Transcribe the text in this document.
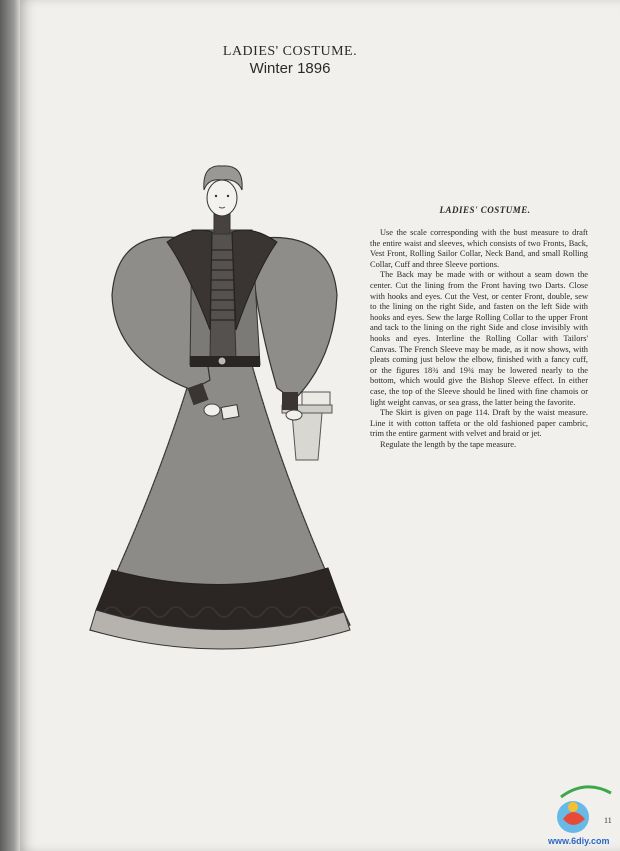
LADIES' COSTUME.
Winter 1896
LADIES' COSTUME.

Use the scale corresponding with the bust measure to draft the entire waist and sleeves, which consists of two Fronts, Back, Vest Front, Rolling Sailor Collar, Neck Band, and small Rolling Collar, Cuff and three Sleeve portions.

The Back may be made with or without a seam down the center. Cut the lining from the Front having two Darts. Close with hooks and eyes. Cut the Vest, or center Front, double, sew to the lining on the right Side, and fasten on the left Side with hooks and eyes. Sew the large Rolling Collar to the upper Front and tack to the lining on the right Side and close invisibly with hooks and eyes. Interline the Rolling Collar with Tailors' Canvas. The French Sleeve may be made, as it now shows, with pleats coming just below the elbow, finished with a fancy cuff, or the figures 18¾ and 19¾ may be lowered nearly to the bottom, which would give the Bishop Sleeve effect. In either case, the top of the Sleeve should be lined with fine chamois or light weight canvas, or sea grass, the latter being the favorite.

The Skirt is given on page 114. Draft by the waist measure. Line it with cotton taffeta or the old fashioned paper cambric, trim the entire garment with velvet and braid or jet.

Regulate the length by the tape measure.

www.6diy.com
11
